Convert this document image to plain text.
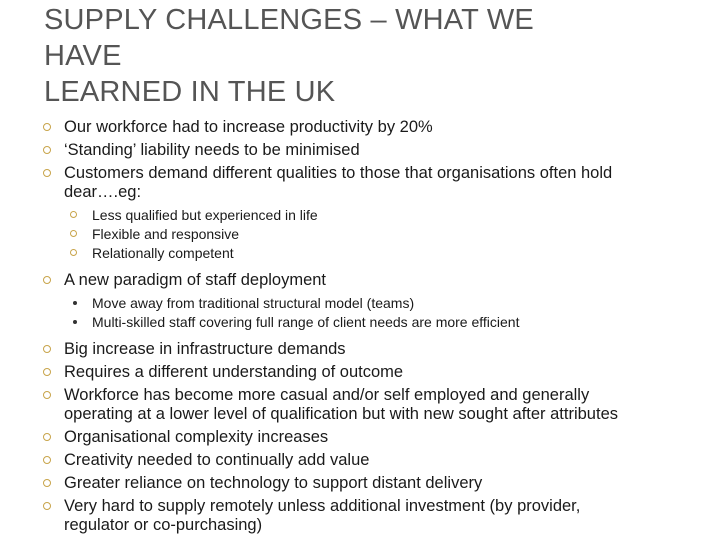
SUPPLY CHALLENGES – WHAT WE
HAVE
LEARNED IN THE UK
Our workforce had to increase productivity by 20%
‘Standing’ liability needs to be minimised
Customers demand different qualities to those that organisations often hold
dear….eg:
Less qualified but experienced in life
Flexible and responsive
Relationally competent
A new paradigm of staff deployment
Move away from traditional structural model (teams)
Multi-skilled staff covering full range of client needs are more efficient
Big increase in infrastructure demands
Requires a different understanding of outcome
Workforce has become more casual and/or self employed and generally
operating at a lower level of qualification but with new sought after attributes
Organisational complexity increases
Creativity needed to continually add value
Greater reliance on technology to support distant delivery
Very hard to supply remotely unless additional investment (by provider,
regulator or co-purchasing)
